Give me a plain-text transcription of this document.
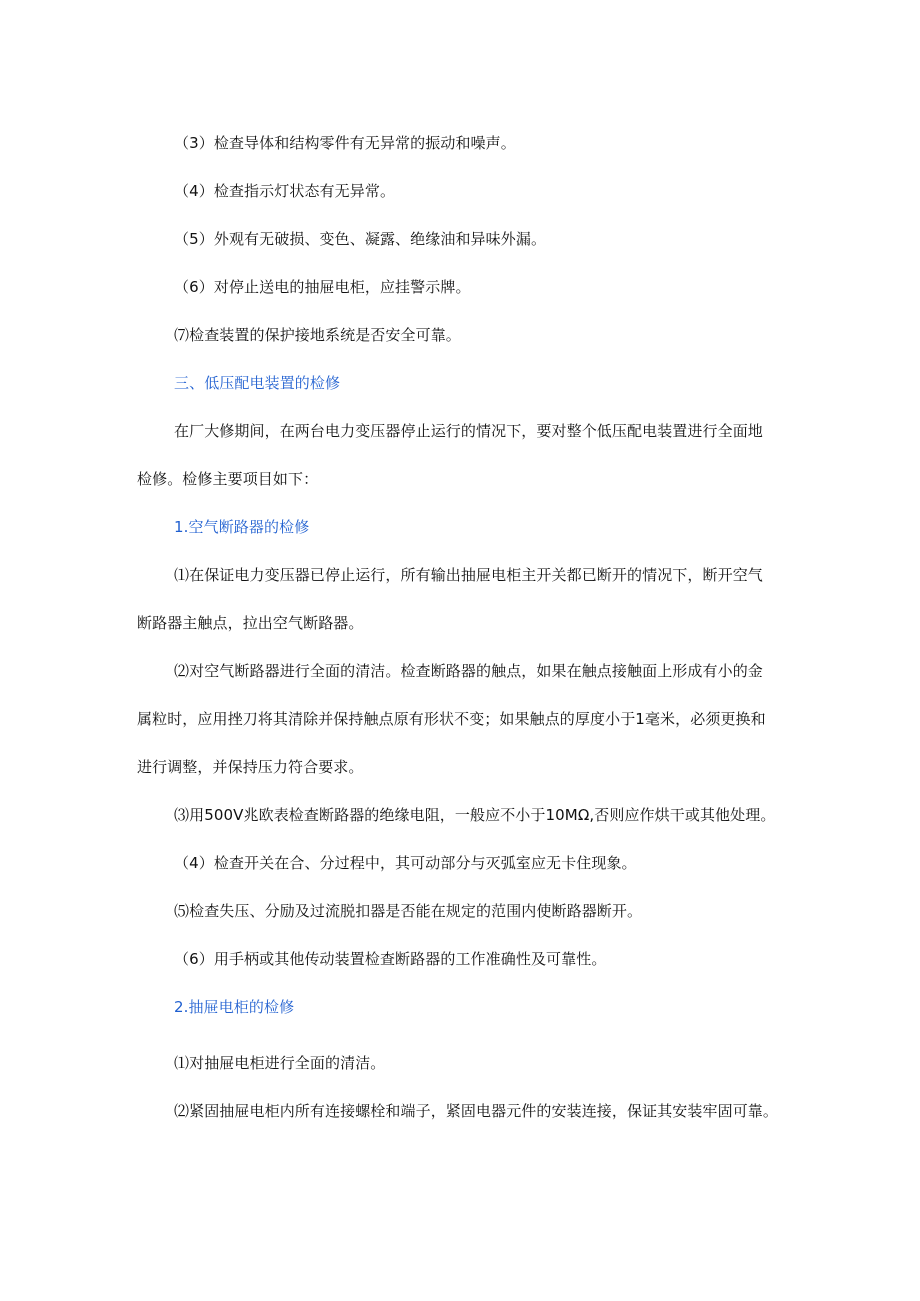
（3）检查导体和结构零件有无异常的振动和噪声。
（4）检查指示灯状态有无异常。
（5）外观有无破损、变色、凝露、绝缘油和异味外漏。
（6）对停止送电的抽屉电柜，应挂警示牌。
⑺检查装置的保护接地系统是否安全可靠。
三、低压配电装置的检修
在厂大修期间，在两台电力变压器停止运行的情况下，要对整个低压配电装置进行全面地
检修。检修主要项目如下：
1.空气断路器的检修
⑴在保证电力变压器已停止运行，所有输出抽屉电柜主开关都已断开的情况下，断开空气
断路器主触点，拉出空气断路器。
⑵对空气断路器进行全面的清洁。检查断路器的触点，如果在触点接触面上形成有小的金
属粒时，应用挫刀将其清除并保持触点原有形状不变；如果触点的厚度小于1毫米，必须更换和
进行调整，并保持压力符合要求。
⑶用500V兆欧表检查断路器的绝缘电阻，一般应不小于10MΩ,否则应作烘干或其他处理。
（4）检查开关在合、分过程中，其可动部分与灭弧室应无卡住现象。
⑸检查失压、分励及过流脱扣器是否能在规定的范围内使断路器断开。
（6）用手柄或其他传动装置检查断路器的工作准确性及可靠性。
2.抽屉电柜的检修
⑴对抽屉电柜进行全面的清洁。
⑵紧固抽屉电柜内所有连接螺栓和端子，紧固电器元件的安装连接，保证其安装牢固可靠。
